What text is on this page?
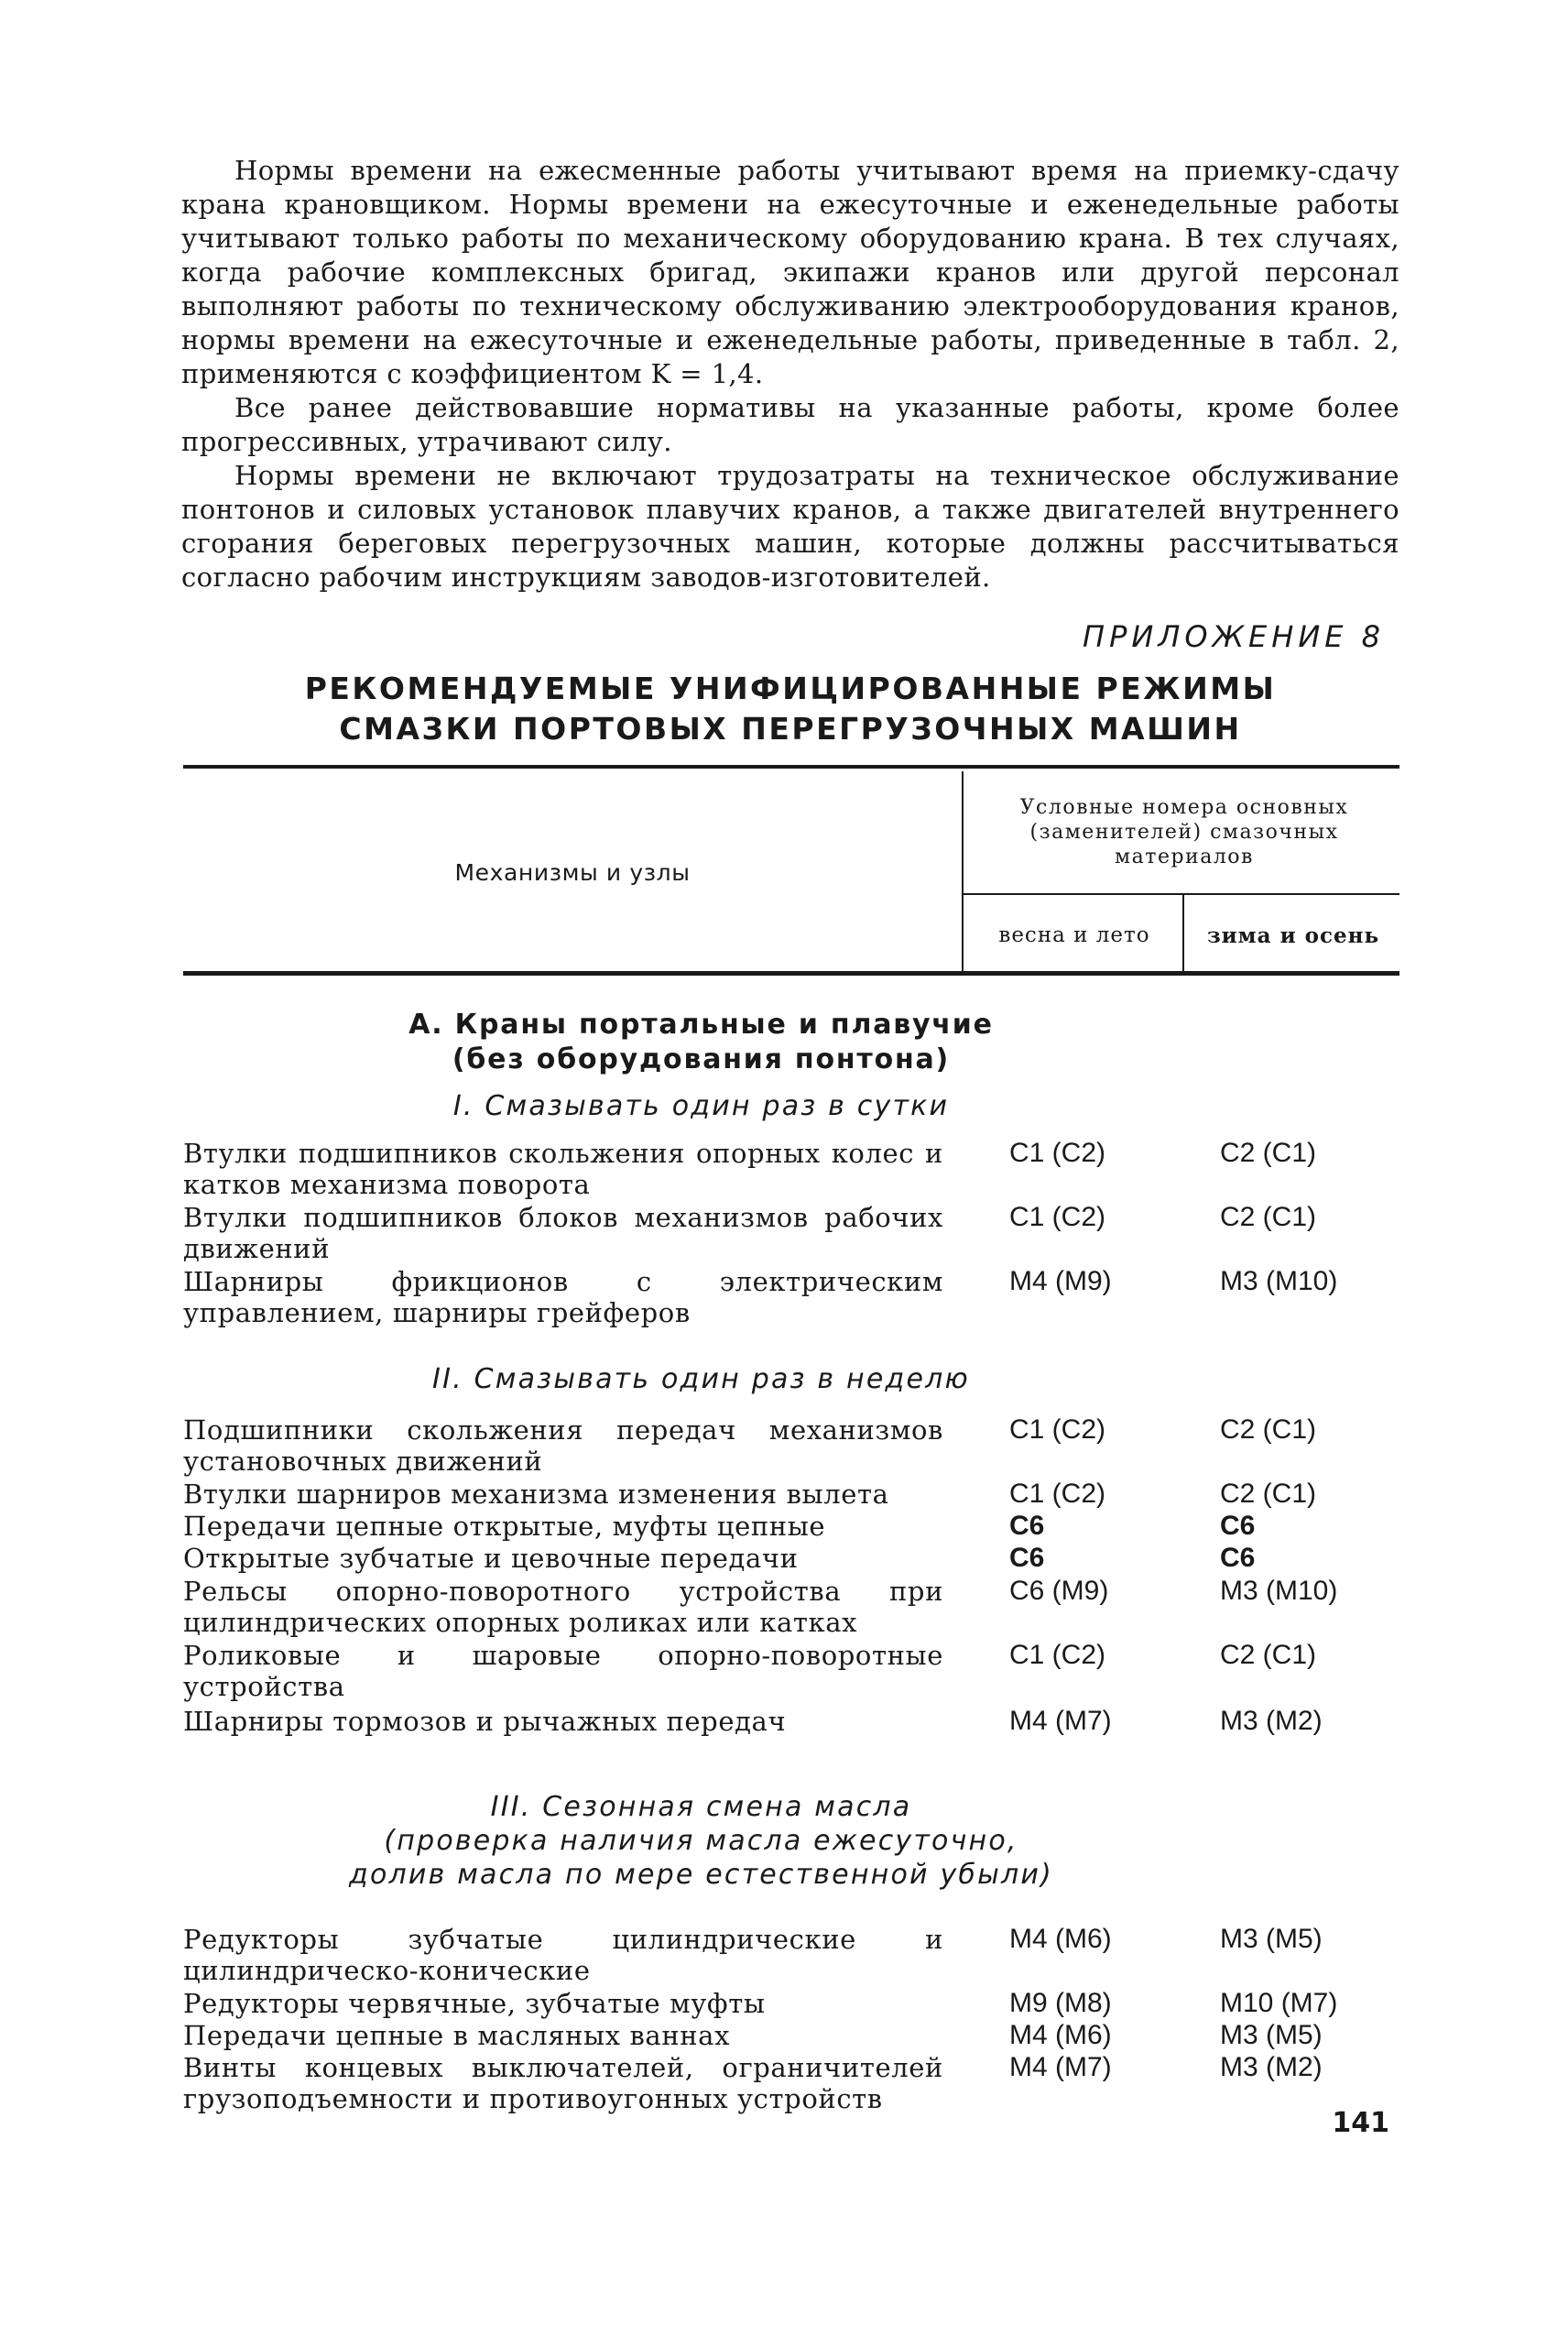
Нормы времени на ежесменные работы учитывают время на приемку-сдачу крана крановщиком. Нормы времени на ежесуточные и еженедельные работы учитывают только работы по механическому оборудованию крана. В тех случаях, когда рабочие комплексных бригад, экипажи кранов или другой персонал выполняют работы по техническому обслуживанию электрооборудования кранов, нормы времени на ежесуточные и еженедельные работы, приведенные в табл. 2, применяются с коэффициентом K = 1,4.

Все ранее действовавшие нормативы на указанные работы, кроме более прогрессивных, утрачивают силу.

Нормы времени не включают трудозатраты на техническое обслуживание понтонов и силовых установок плавучих кранов, а также двигателей внутреннего сгорания береговых перегрузочных машин, которые должны рассчитываться согласно рабочим инструкциям заводов-изготовителей.

ПРИЛОЖЕНИЕ 8
РЕКОМЕНДУЕМЫЕ УНИФИЦИРОВАННЫЕ РЕЖИМЫ
СМАЗКИ ПОРТОВЫХ ПЕРЕГРУЗОЧНЫХ МАШИН
Механизмы и узлы
Условные номера основных
(заменителей) смазочных
материалов
весна и лето	зима и осень
А. Краны портальные и плавучие
(без оборудования понтона)
I. Смазывать один раз в сутки
Втулки подшипников скольжения опорных колес и катков механизма поворота
С1 (С2)	С2 (С1)
Втулки подшипников блоков механизмов рабочих движений
С1 (С2)	С2 (С1)
Шарниры фрикционов с электрическим управлением, шарниры грейферов
М4 (М9)	М3 (М10)
II. Смазывать один раз в неделю
Подшипники скольжения передач механизмов установочных движений
С1 (С2)	С2 (С1)
Втулки шарниров механизма изменения вылета	С1 (С2)	С2 (С1)
Передачи цепные открытые, муфты цепные	С6	С6
Открытые зубчатые и цевочные передачи	С6	С6
Рельсы опорно-поворотного устройства при цилиндрических опорных роликах или катках
С6 (М9)	М3 (М10)
Роликовые и шаровые опорно-поворотные устройства
С1 (С2)	С2 (С1)
Шарниры тормозов и рычажных передач	М4 (М7)	М3 (М2)
III. Сезонная смена масла
(проверка наличия масла ежесуточно,
долив масла по мере естественной убыли)
Редукторы зубчатые цилиндрические и цилиндрическо-конические
М4 (М6)	М3 (М5)
Редукторы червячные, зубчатые муфты	М9 (М8)	М10 (М7)
Передачи цепные в масляных ваннах	М4 (М6)	М3 (М5)
Винты концевых выключателей, ограничителей грузоподъемности и противоугонных устройств
М4 (М7)	М3 (М2)
141
